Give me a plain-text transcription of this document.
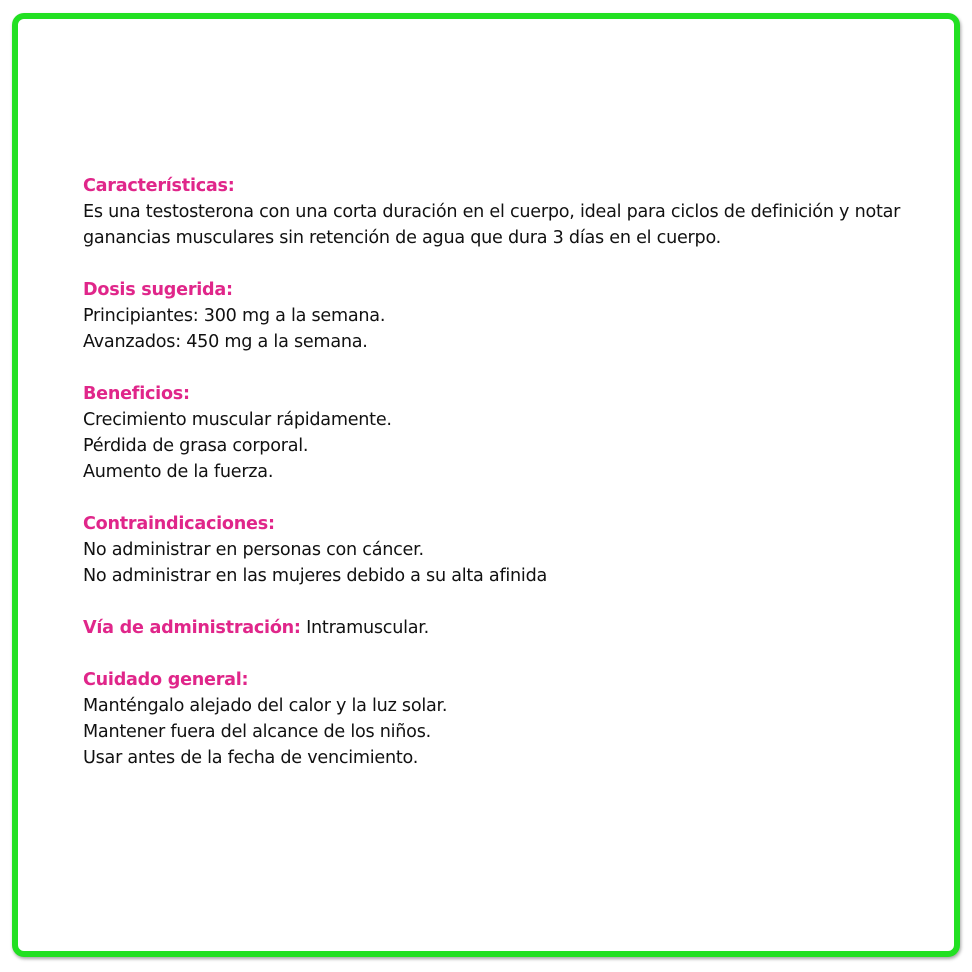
Características:

Es una testosterona con una corta duración en el cuerpo, ideal para ciclos de definición y notar

ganancias musculares sin retención de agua que dura 3 días en el cuerpo.

Dosis sugerida:

Principiantes: 300 mg a la semana.

Avanzados: 450 mg a la semana.

Beneficios:

Crecimiento muscular rápidamente.

Pérdida de grasa corporal.

Aumento de la fuerza.

Contraindicaciones:

No administrar en personas con cáncer.

No administrar en las mujeres debido a su alta afinida

Vía de administración: Intramuscular.

Cuidado general:

Manténgalo alejado del calor y la luz solar.

Mantener fuera del alcance de los niños.

Usar antes de la fecha de vencimiento.
